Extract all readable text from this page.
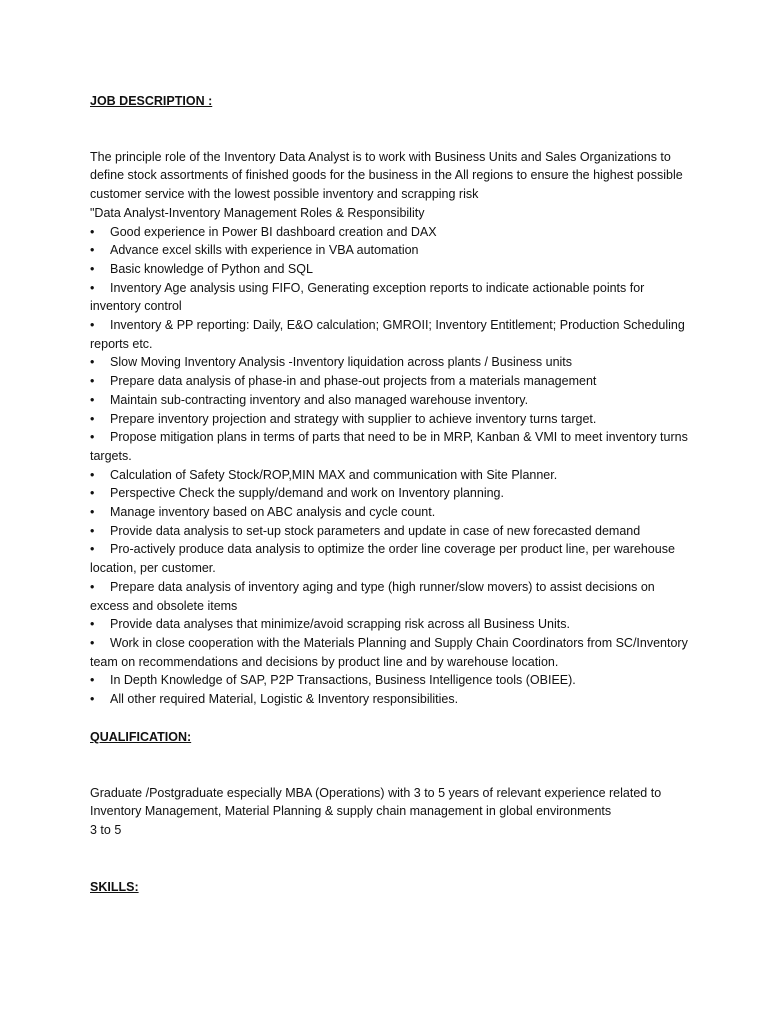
JOB DESCRIPTION :

The principle role of the Inventory Data Analyst is to work with Business Units and Sales Organizations to define stock assortments of finished goods for the business in the All regions to ensure the highest possible customer service with the lowest possible inventory and scrapping risk

"Data Analyst-Inventory Management Roles & Responsibility

• Good experience in Power BI dashboard creation and DAX
• Advance excel skills with experience in VBA automation
• Basic knowledge of Python and SQL
• Inventory Age analysis using FIFO, Generating exception reports to indicate actionable points for inventory control
• Inventory & PP reporting: Daily, E&O calculation; GMROII; Inventory Entitlement; Production Scheduling reports etc.
• Slow Moving Inventory Analysis -Inventory liquidation across plants / Business units
• Prepare data analysis of phase-in and phase-out projects from a materials management
• Maintain sub-contracting inventory and also managed warehouse inventory.
• Prepare inventory projection and strategy with supplier to achieve inventory turns target.
• Propose mitigation plans in terms of parts that need to be in MRP, Kanban & VMI to meet inventory turns targets.
• Calculation of Safety Stock/ROP,MIN MAX and communication with Site Planner.
• Perspective Check the supply/demand and work on Inventory planning.
• Manage inventory based on ABC analysis and cycle count.
• Provide data analysis to set-up stock parameters and update in case of new forecasted demand
• Pro-actively produce data analysis to optimize the order line coverage per product line, per warehouse location, per customer.
• Prepare data analysis of inventory aging and type (high runner/slow movers) to assist decisions on excess and obsolete items
• Provide data analyses that minimize/avoid scrapping risk across all Business Units.
• Work in close cooperation with the Materials Planning and Supply Chain Coordinators from SC/Inventory team on recommendations and decisions by product line and by warehouse location.
• In Depth Knowledge of SAP, P2P Transactions, Business Intelligence tools (OBIEE).
• All other required Material, Logistic & Inventory responsibilities.

QUALIFICATION:

Graduate /Postgraduate especially MBA (Operations) with 3 to 5 years of relevant experience related to Inventory Management, Material Planning & supply chain management in global environments

3 to 5

SKILLS:
